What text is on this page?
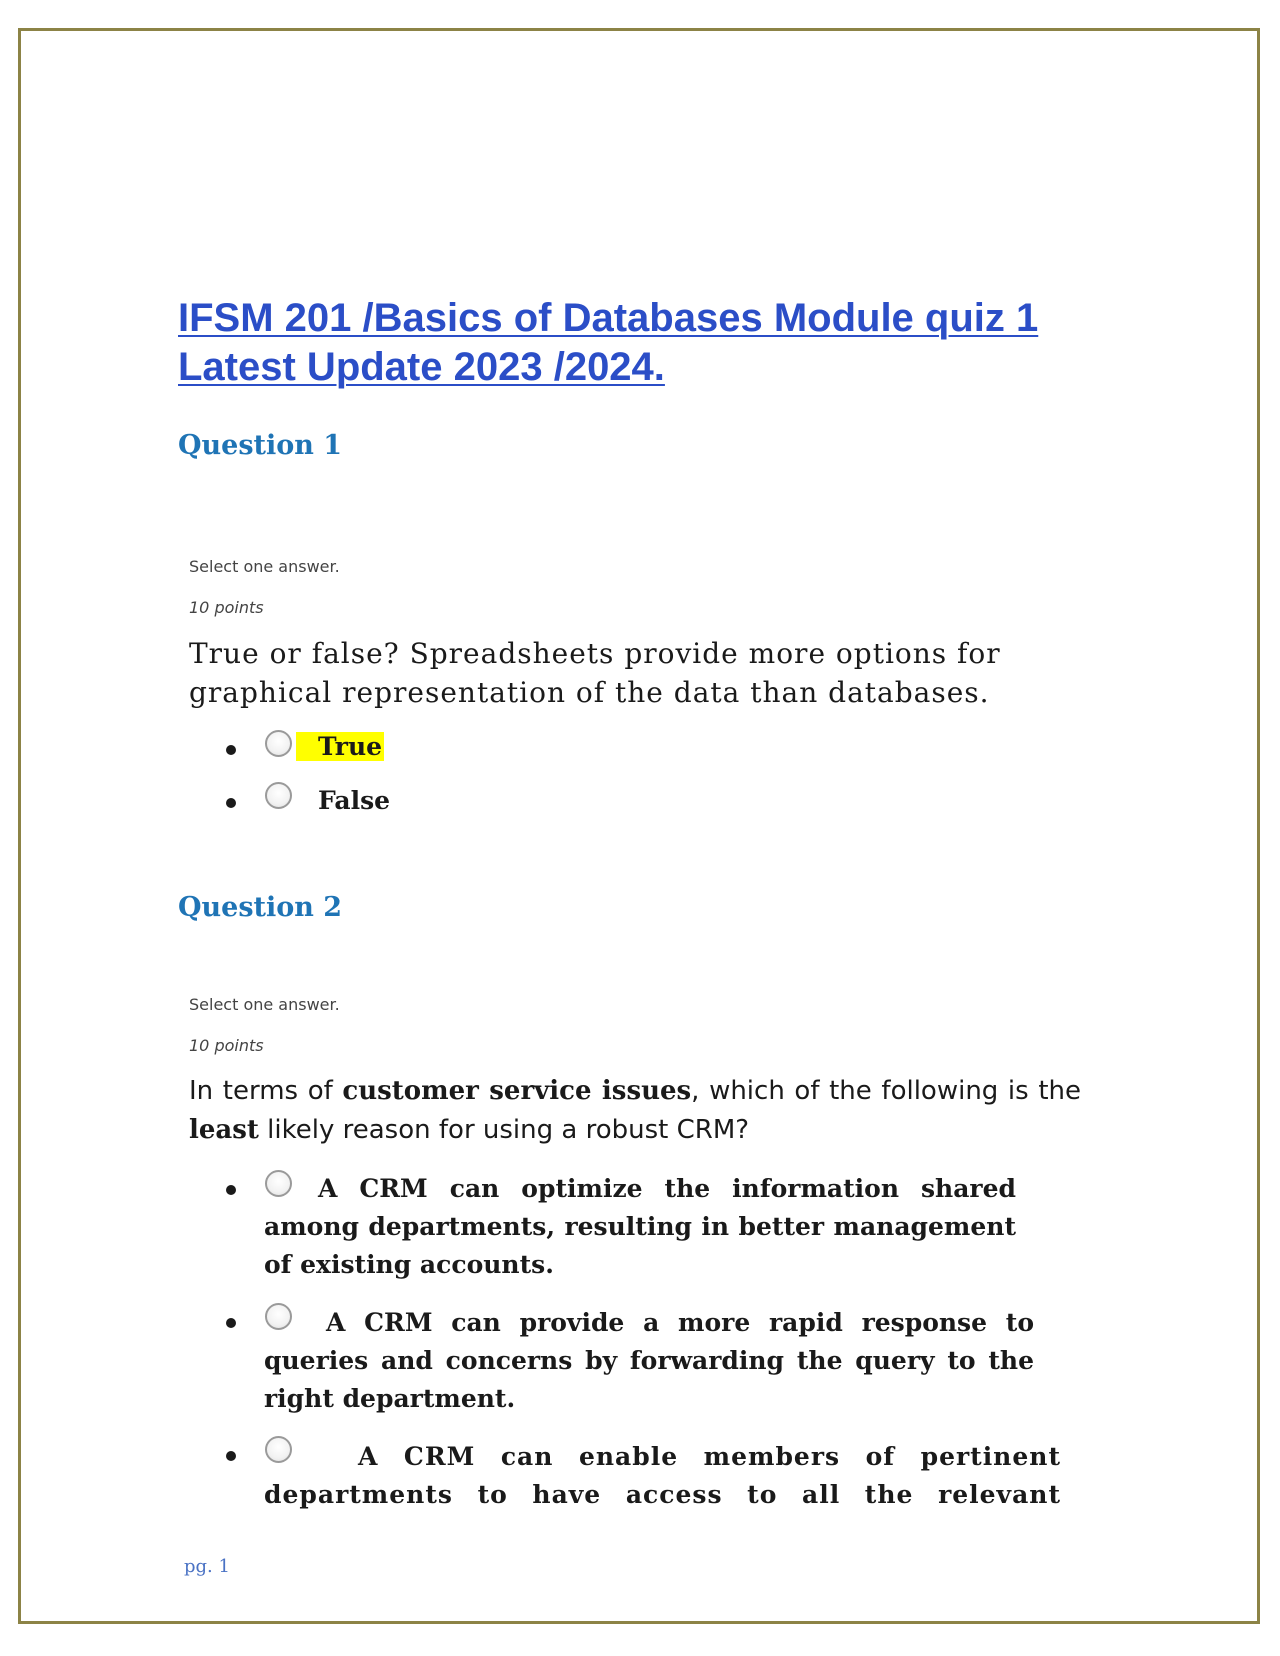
IFSM 201 /Basics of Databases Module quiz 1 Latest Update 2023 /2024.
Question 1

Select one answer.

10 points

True or false? Spreadsheets provide more options for graphical representation of the data than databases.

True
False
Question 2

Select one answer.

10 points

In terms of customer service issues, which of the following is the least likely reason for using a robust CRM?

A CRM can optimize the information shared among departments, resulting in better management of existing accounts.

A CRM can provide a more rapid response to queries and concerns by forwarding the query to the right department.

A CRM can enable members of pertinent departments to have access to all the relevant

pg. 1
